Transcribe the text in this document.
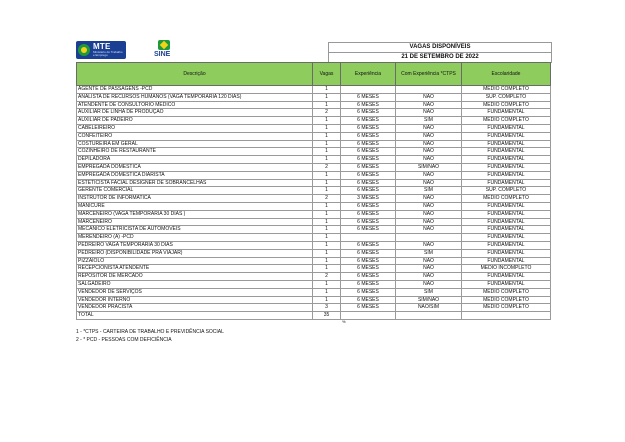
MTE
Ministério do Trabalho e Emprego	SINE
VAGAS DISPONÍVEIS
21 DE SETEMBRO DE 2022
Descrição	Vagas	Experiência	Com Experiência *CTPS	Escolaridade
AGENTE DE PASSAGENS -PCD	1			MEDIO COMPLETO
ANALISTA DE RECURSOS HUMANOS (VAGA TEMPORARIA 120 DIAS)	1	6 MESES	NAO	SUP. COMPLETO
ATENDENTE DE CONSULTORIO MEDICO	1	6 MESES	NAO	MEDIO COMPLETO
AUXILIAR DE LINHA DE PRODUÇÃO	2	6 MESES	NAO	FUNDAMENTAL
AUXILIAR DE PADEIRO	1	6 MESES	SIM	MEDIO COMPLETO
CABELEIREIRO	1	6 MESES	NAO	FUNDAMENTAL
CONFEITEIRO	1	6 MESES	NAO	FUNDAMENTAL
COSTUREIRA EM GERAL	1	6 MESES	NAO	FUNDAMENTAL
COZINHEIRO DE RESTAURANTE	1	6 MESES	NAO	FUNDAMENTAL
DEPILADORA	1	6 MESES	NAO	FUNDAMENTAL
EMPREGADA DOMESTICA	2	6 MESES	SIM/NAO	FUNDAMENTAL
EMPREGADA DOMESTICA DIARISTA	1	6 MESES	NAO	FUNDAMENTAL
ESTETICISTA FACIAL DESIGNER DE SOBRANCELHAS	1	6 MESES	NAO	FUNDAMENTAL
GERENTE COMERCIAL	1	6 MESES	SIM	SUP. COMPLETO
INSTRUTOR DE INFORMATICA	2	3 MESES	NAO	MEDIO COMPLETO
MANICURE	1	6 MESES	NAO	FUNDAMENTAL
MARCENEIRO (VAGA TEMPORARIA 30 DIAS )	1	6 MESES	NAO	FUNDAMENTAL
MARCENEIRO	1	6 MESES	NAO	FUNDAMENTAL
MECÂNICO ELETRICISTA DE AUTOMOVEIS	1	6 MESES	NAO	FUNDAMENTAL
MERENDEIRO (A) -PCD	1			FUNDAMENTAL
PEDREIRO VAGA TEMPORARIA 30 DIAS	1	6 MESES	NAO	FUNDAMENTAL
PEDREIRO (DISPONIBILIDADE PRA VIAJAR)	1	6 MESES	SIM	FUNDAMENTAL
PIZZAIOLO	1	6 MESES	NAO	FUNDAMENTAL
RECEPCIONISTA ATENDENTE	1	6 MESES	NAO	MEDIO INCOMPLETO
REPOSITOR DE MERCADO	2	6 MESES	NAO	FUNDAMENTAL
SALGADEIRO	1	6 MESES	NAO	FUNDAMENTAL
VENDEDOR DE SERVIÇOS	1	6 MESES	SIM	MEDIO COMPLETO
VENDEDOR INTERNO	1	6 MESES	SIM/NAO	MEDIO COMPLETO
VENDEDOR PRACISTA	3	6 MESES	NAO/SIM	MEDIO COMPLETO
TOTAL	35			
%
1 - *CTPS - CARTEIRA DE TRABALHO E PREVIDÊNCIA SOCIAL
2 - * PCD - PESSOAS COM DEFICIÊNCIA
